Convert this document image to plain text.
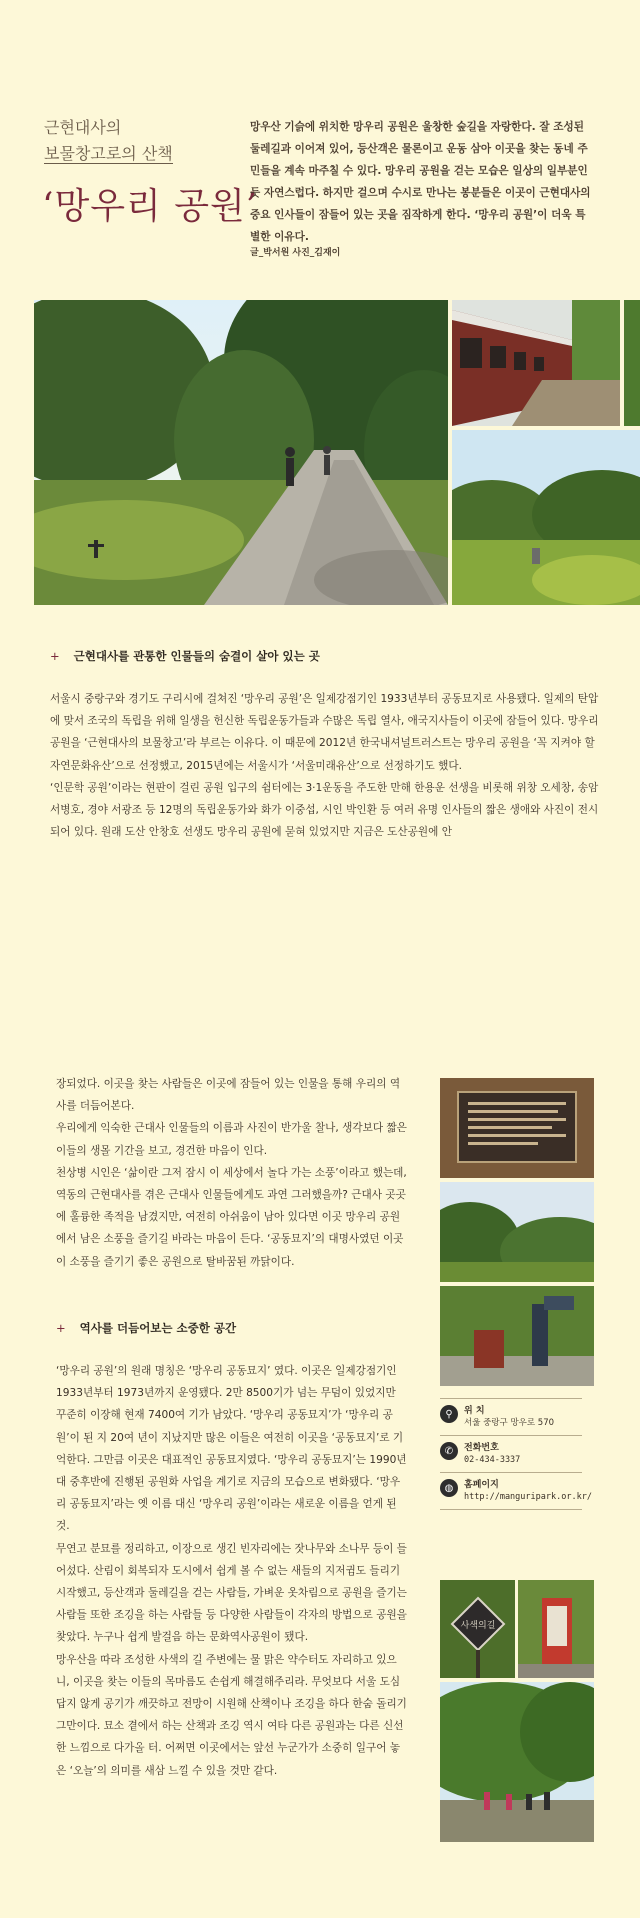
근현대사의
보물창고로의 산책
‘망우리 공원’
망우산 기슭에 위치한 망우리 공원은 울창한 숲길을 자랑한다. 잘 조성된 둘레길과 이어져 있어, 등산객은 물론이고 운동 삼아 이곳을 찾는 동네 주민들을 계속 마주칠 수 있다. 망우리 공원을 걷는 모습은 일상의 일부분인 듯 자연스럽다. 하지만 걸으며 수시로 만나는 봉분들은 이곳이 근현대사의 중요 인사들이 잠들어 있는 곳을 짐작하게 한다. ‘망우리 공원’이 더욱 특별한 이유다.
글_박서원 사진_김재이
+ 근현대사를 관통한 인물들의 숨결이 살아 있는 곳

서울시 중랑구와 경기도 구리시에 걸쳐진 ‘망우리 공원’은 일제강점기인 1933년부터 공동묘지로 사용됐다. 일제의 탄압에 맞서 조국의 독립을 위해 일생을 헌신한 독립운동가들과 수많은 독립 열사, 애국지사들이 이곳에 잠들어 있다. 망우리 공원을 ‘근현대사의 보물창고’라 부르는 이유다. 이 때문에 2012년 한국내셔널트러스트는 망우리 공원을 ‘꼭 지켜야 할 자연문화유산’으로 선정했고, 2015년에는 서울시가 ‘서울미래유산’으로 선정하기도 했다.

‘인문학 공원’이라는 현판이 걸린 공원 입구의 쉼터에는 3·1운동을 주도한 만해 한용운 선생을 비롯해 위창 오세창, 송암 서병호, 경야 서광조 등 12명의 독립운동가와 화가 이중섭, 시인 박인환 등 여러 유명 인사들의 짧은 생애와 사진이 전시되어 있다. 원래 도산 안창호 선생도 망우리 공원에 묻혀 있었지만 지금은 도산공원에 안

장되었다. 이곳을 찾는 사람들은 이곳에 잠들어 있는 인물을 통해 우리의 역사를 더듬어본다.

우리에게 익숙한 근대사 인물들의 이름과 사진이 반가울 찰나, 생각보다 짧은 이들의 생몰 기간을 보고, 경건한 마음이 인다.

천상병 시인은 ‘삶이란 그저 잠시 이 세상에서 놀다 가는 소풍’이라고 했는데, 역동의 근현대사를 겪은 근대사 인물들에게도 과연 그러했을까? 근대사 곳곳에 훌륭한 족적을 남겼지만, 여전히 아쉬움이 남아 있다면 이곳 망우리 공원에서 남은 소풍을 즐기길 바라는 마음이 든다. ‘공동묘지’의 대명사였던 이곳이 소풍을 즐기기 좋은 공원으로 탈바꿈된 까닭이다.

+ 역사를 더듬어보는 소중한 공간

‘망우리 공원’의 원래 명칭은 ‘망우리 공동묘지’ 였다. 이곳은 일제강점기인 1933년부터 1973년까지 운영됐다. 2만 8500기가 넘는 무덤이 있었지만 꾸준히 이장해 현재 7400여 기가 남았다. ‘망우리 공동묘지’가 ‘망우리 공원’이 된 지 20여 년이 지났지만 많은 이들은 여전히 이곳을 ‘공동묘지’로 기억한다. 그만큼 이곳은 대표적인 공동묘지였다. ‘망우리 공동묘지’는 1990년대 중후반에 진행된 공원화 사업을 계기로 지금의 모습으로 변화됐다. ‘망우리 공동묘지’라는 옛 이름 대신 ‘망우리 공원’이라는 새로운 이름을 얻게 된 것.

무연고 분묘를 정리하고, 이장으로 생긴 빈자리에는 잣나무와 소나무 등이 들어섰다. 산림이 회복되자 도시에서 쉽게 볼 수 없는 새들의 지저귐도 들리기 시작했고, 등산객과 둘레길을 걷는 사람들, 가벼운 옷차림으로 공원을 즐기는 사람들 또한 조깅을 하는 사람들 등 다양한 사람들이 각자의 방법으로 공원을 찾았다. 누구나 쉽게 발걸음 하는 문화역사공원이 됐다.

망우산을 따라 조성한 사색의 길 주변에는 물 맑은 약수터도 자리하고 있으니, 이곳을 찾는 이들의 목마름도 손쉽게 해결해주리라. 무엇보다 서울 도심답지 않게 공기가 깨끗하고 전망이 시원해 산책이나 조깅을 하다 한숨 돌리기 그만이다. 묘소 곁에서 하는 산책과 조깅 역시 여타 다른 공원과는 다른 신선한 느낌으로 다가올 터. 어쩌면 이곳에서는 앞선 누군가가 소중히 일구어 놓은 ‘오늘’의 의미를 새삼 느낄 수 있을 것만 같다.

⚲	위 치
서울 중랑구 망우로 570
✆	전화번호
02-434-3337
◍	홈페이지
http://manguripark.or.kr/
사색의길
